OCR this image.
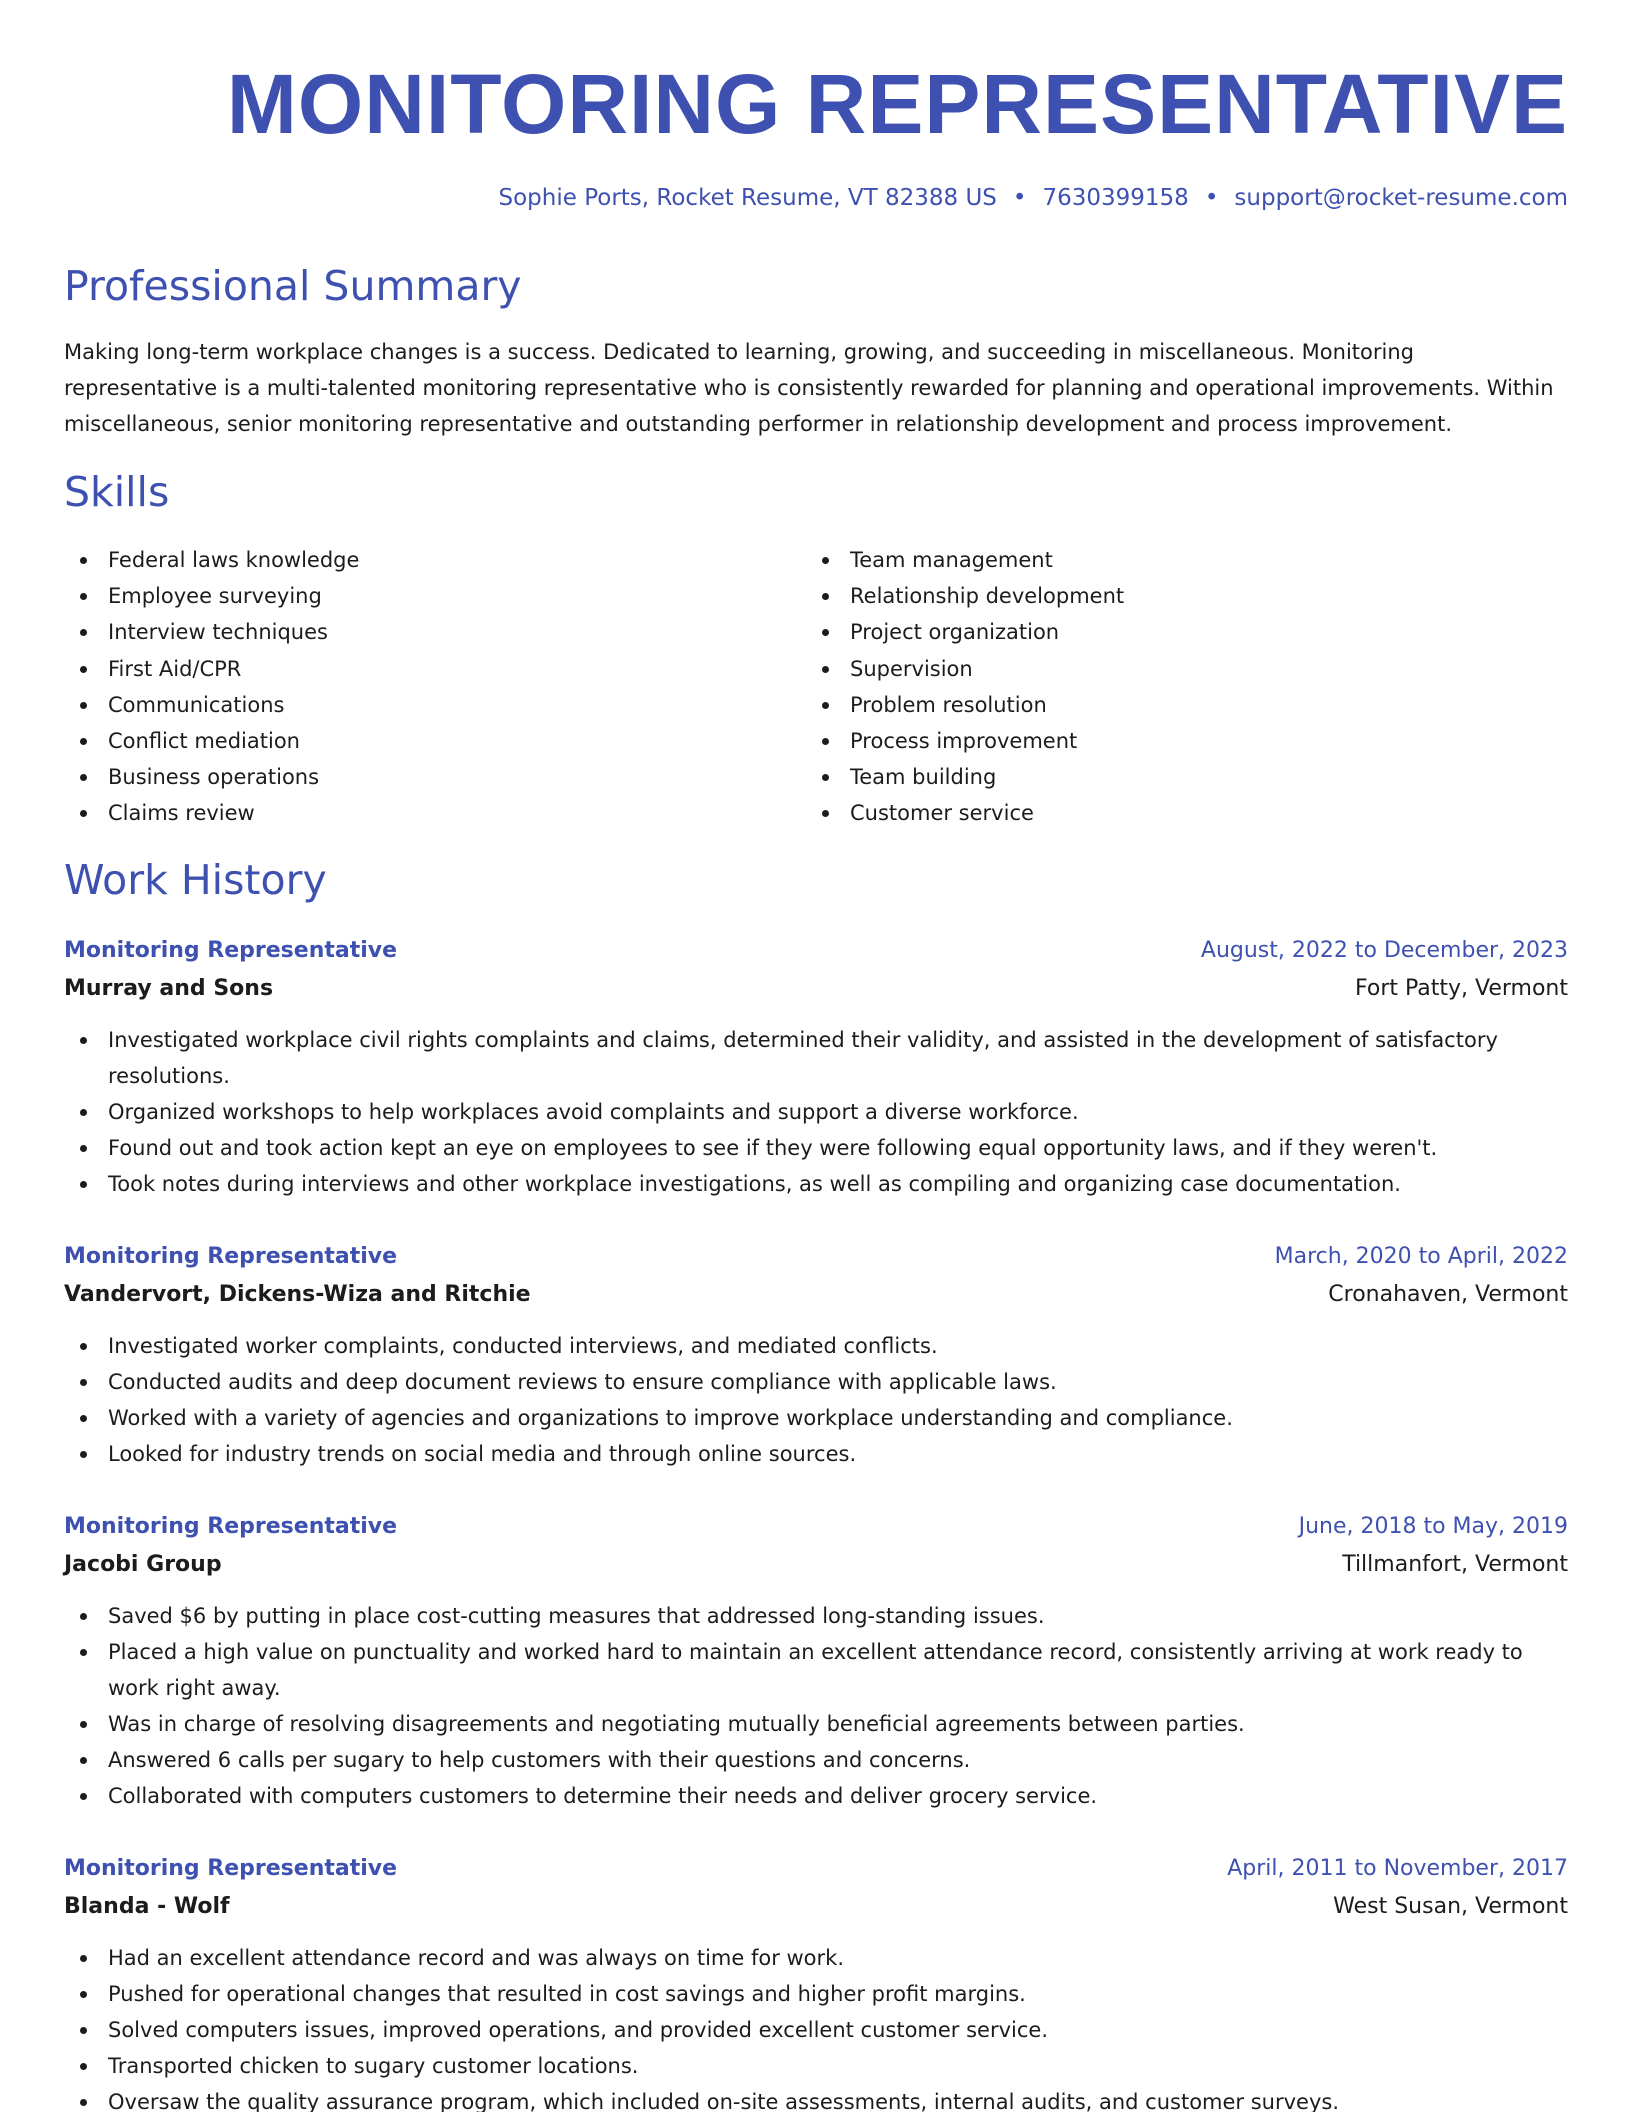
MONITORING REPRESENTATIVE
Sophie Ports, Rocket Resume, VT 82388 US • 7630399158 • support@rocket-resume.com
Professional Summary

Making long-term workplace changes is a success. Dedicated to learning, growing, and succeeding in miscellaneous. Monitoring representative is a multi-talented monitoring representative who is consistently rewarded for planning and operational improvements. Within miscellaneous, senior monitoring representative and outstanding performer in relationship development and process improvement.

Skills
Federal laws knowledge
Employee surveying
Interview techniques
First Aid/CPR
Communications
Conflict mediation
Business operations
Claims review
Team management
Relationship development
Project organization
Supervision
Problem resolution
Process improvement
Team building
Customer service
Work History
Monitoring Representative	August, 2022 to December, 2023
Murray and Sons	Fort Patty, Vermont
Investigated workplace civil rights complaints and claims, determined their validity, and assisted in the development of satisfactory resolutions.
Organized workshops to help workplaces avoid complaints and support a diverse workforce.
Found out and took action kept an eye on employees to see if they were following equal opportunity laws, and if they weren't.
Took notes during interviews and other workplace investigations, as well as compiling and organizing case documentation.
Monitoring Representative	March, 2020 to April, 2022
Vandervort, Dickens-Wiza and Ritchie	Cronahaven, Vermont
Investigated worker complaints, conducted interviews, and mediated conflicts.
Conducted audits and deep document reviews to ensure compliance with applicable laws.
Worked with a variety of agencies and organizations to improve workplace understanding and compliance.
Looked for industry trends on social media and through online sources.
Monitoring Representative	June, 2018 to May, 2019
Jacobi Group	Tillmanfort, Vermont
Saved $6 by putting in place cost-cutting measures that addressed long-standing issues.
Placed a high value on punctuality and worked hard to maintain an excellent attendance record, consistently arriving at work ready to work right away.
Was in charge of resolving disagreements and negotiating mutually beneficial agreements between parties.
Answered 6 calls per sugary to help customers with their questions and concerns.
Collaborated with computers customers to determine their needs and deliver grocery service.
Monitoring Representative	April, 2011 to November, 2017
Blanda - Wolf	West Susan, Vermont
Had an excellent attendance record and was always on time for work.
Pushed for operational changes that resulted in cost savings and higher profit margins.
Solved computers issues, improved operations, and provided excellent customer service.
Transported chicken to sugary customer locations.
Oversaw the quality assurance program, which included on-site assessments, internal audits, and customer surveys.
